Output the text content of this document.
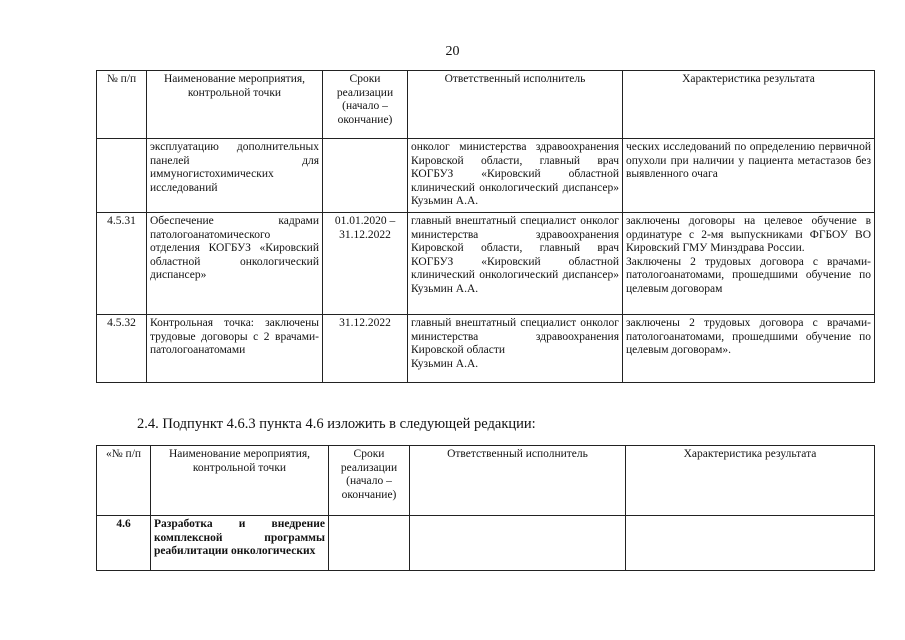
20
№ п/п	Наименование мероприятия, контрольной точки	Сроки реализации (начало – окончание)	Ответственный исполнитель	Характеристика результата
	эксплуатацию дополнительных панелей для иммуногистохимических исследований		онколог министерства здравоохранения Кировской области, главный врач КОГБУЗ «Кировский областной клинический онкологический диспансер» Кузьмин А.А.	ческих исследований по определению первичной опухоли при наличии у пациента метастазов без выявленного очага
4.5.31	Обеспечение кадрами патологоанатомического отделения КОГБУЗ «Кировский областной онкологический диспансер»	01.01.2020 – 31.12.2022	главный внештатный специалист онколог министерства здравоохранения Кировской области, главный врач КОГБУЗ «Кировский областной клинический онкологический диспансер» Кузьмин А.А.	заключены договоры на целевое обучение в ординатуре с 2-мя выпускниками ФГБОУ ВО Кировский ГМУ Минздрава России.
Заключены 2 трудовых договора с врачами-патологоанатомами, прошедшими обучение по целевым договорам

4.5.32	Контрольная точка: заключены трудовые договоры с 2 врачами-патологоанатомами	31.12.2022	главный внештатный специалист онколог министерства здравоохранения Кировской области
Кузьмин А.А.	заключены 2 трудовых договора с врачами-патологоанатомами, прошедшими обучение по целевым договорам».
2.4. Подпункт 4.6.3 пункта 4.6 изложить в следующей редакции:
«№ п/п	Наименование мероприятия, контрольной точки	Сроки реализации (начало – окончание)	Ответственный исполнитель	Характеристика результата
4.6	Разработка и внедрение комплексной программы реабилитации онкологических			
